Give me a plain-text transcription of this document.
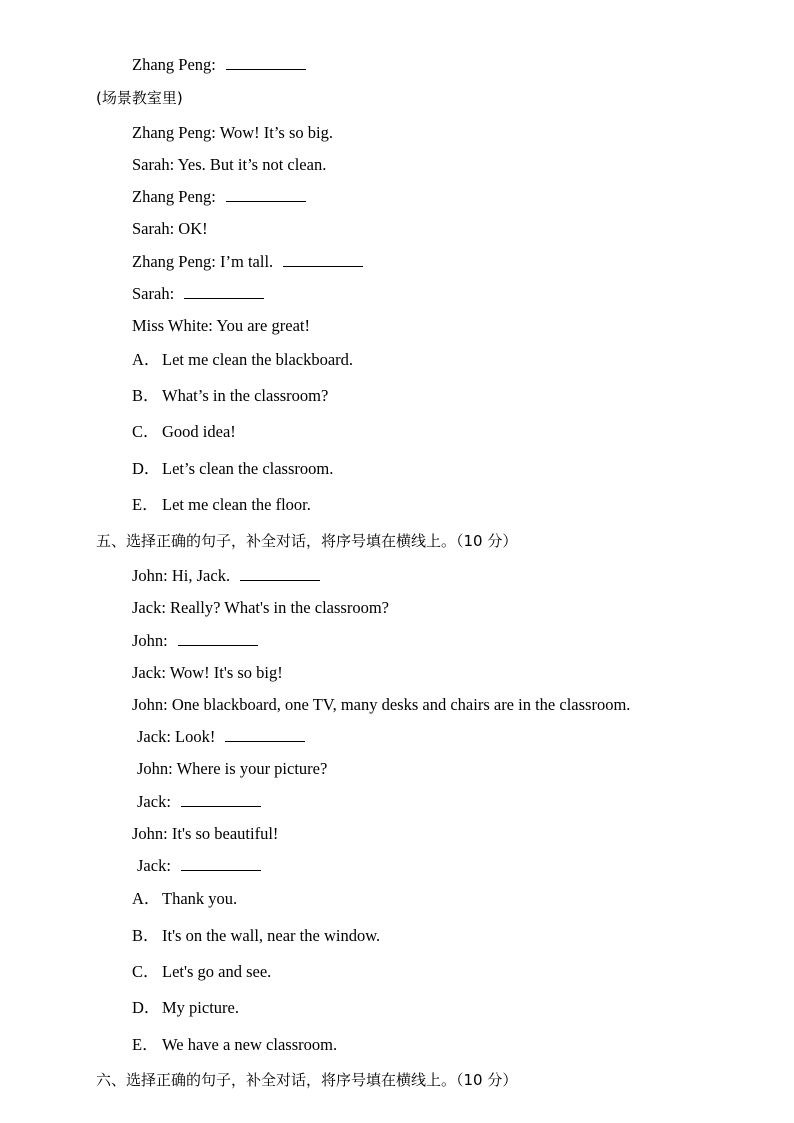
Zhang Peng:
(场景教室里)
Zhang Peng: Wow! It’s so big.
Sarah: Yes. But it’s not clean.
Zhang Peng:
Sarah: OK!
Zhang Peng: I’m tall.
Sarah:
Miss White: You are great!
A．Let me clean the blackboard.
B． What’s in the classroom?
C． Good idea!
D．Let’s clean the classroom.
E． Let me clean the floor.
五、选择正确的句子，补全对话，将序号填在横线上。（10 分）
John: Hi, Jack.
Jack: Really? What's in the classroom?
John:
Jack: Wow! It's so big!
John: One blackboard, one TV, many desks and chairs are in the classroom.
Jack: Look!
John: Where is your picture?
Jack:
John: It's so beautiful!
Jack:
A．Thank you.
B． It's on the wall, near the window.
C． Let's go and see.
D．My picture.
E． We have a new classroom.
六、选择正确的句子，补全对话，将序号填在横线上。（10 分）
